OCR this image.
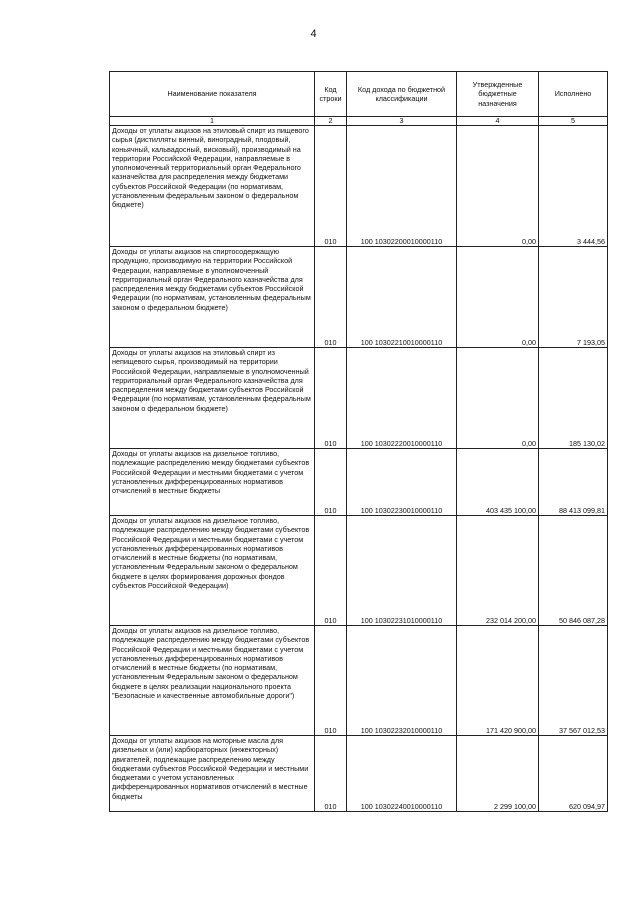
4
Наименование показателя	Код строки	Код дохода по бюджетной классификации	Утвержденные бюджетные назначения	Исполнено
1	2	3	4	5
Доходы от уплаты акцизов на этиловый спирт из пищевого сырья (дистилляты винный, виноградный, плодовый, коньячный, кальвадосный, висковый), производимый на территории Российской Федерации, направляемые в уполномоченный территориальный орган Федерального казначейства для распределения между бюджетами субъектов Российской Федерации (по нормативам, установленным федеральным законом о федеральном бюджете)	010	100 10302200010000110	0,00	3 444,56
Доходы от уплаты акцизов на спиртосодержащую продукцию, производимую на территории Российской Федерации, направляемые в уполномоченный территориальный орган Федерального казначейства для распределения между бюджетами субъектов Российской Федерации (по нормативам, установленным федеральным законом о федеральном бюджете)	010	100 10302210010000110	0,00	7 193,05
Доходы от уплаты акцизов на этиловый спирт из непищевого сырья, производимый на территории Российской Федерации, направляемые в уполномоченный территориальный орган Федерального казначейства для распределения между бюджетами субъектов Российской Федерации (по нормативам, установленным федеральным законом о федеральном бюджете)	010	100 10302220010000110	0,00	185 130,02
Доходы от уплаты акцизов на дизельное топливо, подлежащие распределению между бюджетами субъектов Российской Федерации и местными бюджетами с учетом установленных дифференцированных нормативов отчислений в местные бюджеты	010	100 10302230010000110	403 435 100,00	88 413 099,81
Доходы от уплаты акцизов на дизельное топливо, подлежащие распределению между бюджетами субъектов Российской Федерации и местными бюджетами с учетом установленных дифференцированных нормативов отчислений в местные бюджеты (по нормативам, установленным Федеральным законом о федеральном бюджете в целях формирования дорожных фондов субъектов Российской Федерации)	010	100 10302231010000110	232 014 200,00	50 846 087,28
Доходы от уплаты акцизов на дизельное топливо, подлежащие распределению между бюджетами субъектов Российской Федерации и местными бюджетами с учетом установленных дифференцированных нормативов отчислений в местные бюджеты (по нормативам, установленным Федеральным законом о федеральном бюджете в целях реализации национального проекта "Безопасные и качественные автомобильные дороги")	010	100 10302232010000110	171 420 900,00	37 567 012,53
Доходы от уплаты акцизов на моторные масла для дизельных и (или) карбюраторных (инжекторных) двигателей, подлежащие распределению между бюджетами субъектов Российской Федерации и местными бюджетами с учетом установленных дифференцированных нормативов отчислений в местные бюджеты	010	100 10302240010000110	2 299 100,00	620 094,97
